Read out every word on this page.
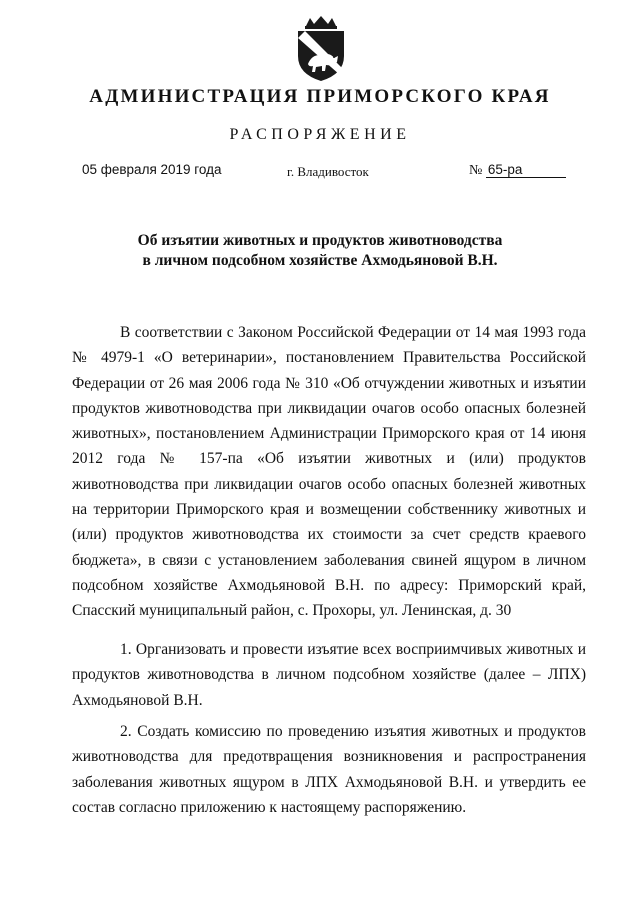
АДМИНИСТРАЦИЯ ПРИМОРСКОГО КРАЯ
РАСПОРЯЖЕНИЕ
05 февраля 2019 года	г. Владивосток	№ 65-ра
Об изъятии животных и продуктов животноводства
в личном подсобном хозяйстве Ахмодьяновой В.Н.

В соответствии с Законом Российской Федерации от 14 мая 1993 года № 4979-1 «О ветеринарии», постановлением Правительства Российской Федерации от 26 мая 2006 года № 310 «Об отчуждении животных и изъятии продуктов животноводства при ликвидации очагов особо опасных болезней животных», постановлением Администрации Приморского края от 14 июня 2012 года № 157-па «Об изъятии животных и (или) продуктов животноводства при ликвидации очагов особо опасных болезней животных на территории Приморского края и возмещении собственнику животных и (или) продуктов животноводства их стоимости за счет средств краевого бюджета», в связи с установлением заболевания свиней ящуром в личном подсобном хозяйстве Ахмодьяновой В.Н. по адресу: Приморский край, Спасский муниципальный район, с. Прохоры, ул. Ленинская, д. 30

1. Организовать и провести изъятие всех восприимчивых животных и продуктов животноводства в личном подсобном хозяйстве (далее – ЛПХ) Ахмодьяновой В.Н.

2. Создать комиссию по проведению изъятия животных и продуктов животноводства для предотвращения возникновения и распространения заболевания животных ящуром в ЛПХ Ахмодьяновой В.Н. и утвердить ее состав согласно приложению к настоящему распоряжению.
